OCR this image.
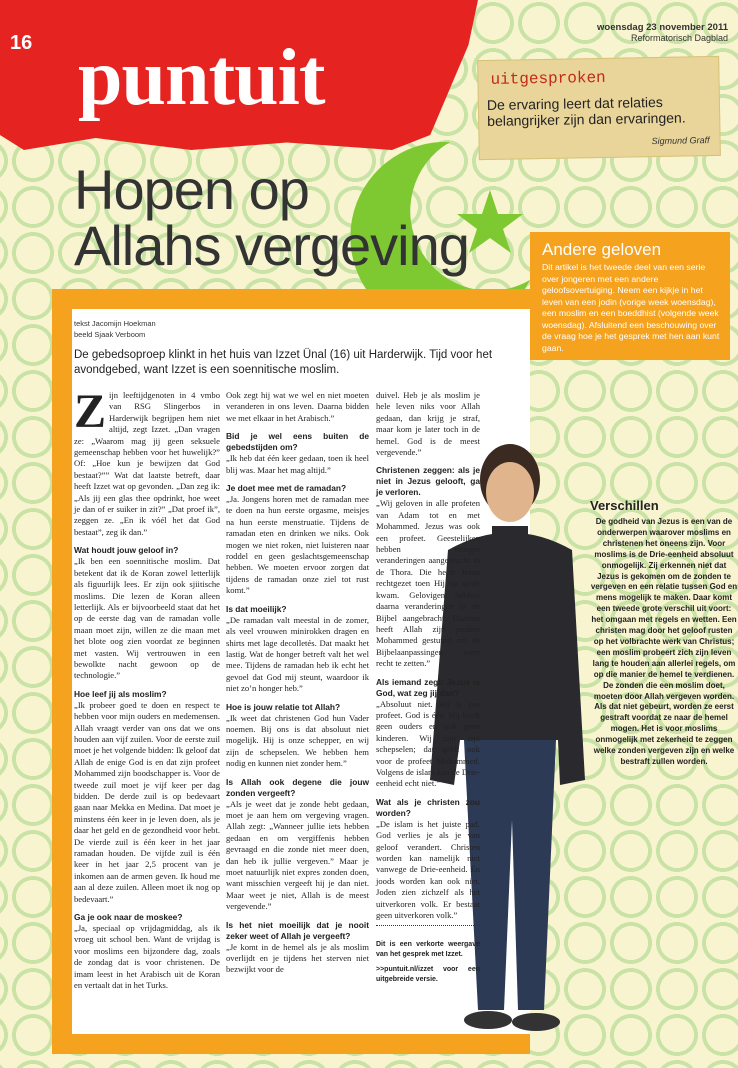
16 puntuit
woensdag 23 november 2011
Reformatorisch Dagblad
uitgesproken
De ervaring leert dat relaties belangrijker zijn dan ervaringen.
Sigmund Graff
Hopen op
Allahs vergeving	Andere geloven
Dit artikel is het tweede deel van een serie over jongeren met een andere geloofsovertuiging. Neem een kijkje in het leven van een jodin (vorige week woensdag), een moslim en een boeddhist (volgende week woensdag). Afsluitend een beschouwing over de vraag hoe je het gesprek met hen aan kunt gaan.
tekst Jacomijn Hoekman
beeld Sjaak Verboom
De gebedsoproep klinkt in het huis van Izzet Ünal (16) uit Harderwijk. Tijd voor het avondgebed, want Izzet is een soennitische moslim.

Zijn leeftijdgenoten in 4 vmbo van RSG Slingerbos in Harderwijk begrijpen hem niet altijd, zegt Izzet. „Dan vragen ze: „Waarom mag jij geen seksuele gemeenschap hebben voor het huwelijk?” Of: „Hoe kun je bewijzen dat God bestaat?”” Wat dat laatste betreft, daar heeft Izzet wat op gevonden. „Dan zeg ik: „Als jij een glas thee opdrinkt, hoe weet je dan of er suiker in zit?” „Dat proef ik”, zeggen ze. „En ik vóél het dat God bestaat”, zeg ik dan.”

Wat houdt jouw geloof in?

„Ik ben een soennitische moslim. Dat betekent dat ik de Koran zowel letterlijk als figuurlijk lees. Er zijn ook sjiitische moslims. Die lezen de Koran alleen letterlijk. Als er bijvoorbeeld staat dat het op de eerste dag van de ramadan volle maan moet zijn, willen ze die maan met het blote oog zien voordat ze beginnen met vasten. Wij vertrouwen in een bewolkte nacht gewoon op de technologie.”

Hoe leef jij als moslim?

„Ik probeer goed te doen en respect te hebben voor mijn ouders en medemensen. Allah vraagt verder van ons dat we ons houden aan vijf zuilen. Voor de eerste zuil moet je het volgende bidden: Ik geloof dat Allah de enige God is en dat zijn profeet Mohammed zijn boodschapper is. Voor de tweede zuil moet je vijf keer per dag bidden. De derde zuil is op bedevaart gaan naar Mekka en Medina. Dat moet je minstens één keer in je leven doen, als je daar het geld en de gezondheid voor hebt. De vierde zuil is één keer in het jaar ramadan houden. De vijfde zuil is één keer in het jaar 2,5 procent van je inkomen aan de armen geven. Ik houd me aan al deze zuilen. Alleen moet ik nog op bedevaart.”

Ga je ook naar de moskee?

„Ja, speciaal op vrijdagmiddag, als ik vroeg uit school ben. Want de vrijdag is voor moslims een bijzondere dag, zoals de zondag dat is voor christenen. De imam leest in het Arabisch uit de Koran en vertaalt dat in het Turks.

Ook zegt hij wat we wel en niet moeten veranderen in ons leven. Daarna bidden we met elkaar in het Arabisch.”

Bid je wel eens buiten de gebedstijden om?

„Ik heb dat één keer gedaan, toen ik heel blij was. Maar het mag altijd.”

Je doet mee met de ramadan?

„Ja. Jongens horen met de ramadan mee te doen na hun eerste orgasme, meisjes na hun eerste menstruatie. Tijdens de ramadan eten en drinken we niks. Ook mogen we niet roken, niet luisteren naar roddel en geen geslachtsgemeenschap hebben. We moeten ervoor zorgen dat tijdens de ramadan onze ziel tot rust komt.”

Is dat moeilijk?

„De ramadan valt meestal in de zomer, als veel vrouwen minirokken dragen en shirts met lage decolletés. Dat maakt het lastig. Wat de honger betreft valt het wel mee. Tijdens de ramadan heb ik echt het gevoel dat God mij steunt, waardoor ik niet zo’n honger heb.”

Hoe is jouw relatie tot Allah?

„Ik weet dat christenen God hun Vader noemen. Bij ons is dat absoluut niet mogelijk. Hij is onze schepper, en wij zijn de schepselen. We hebben hem nodig en kunnen niet zonder hem.”

Is Allah ook degene die jouw zonden vergeeft?

„Als je weet dat je zonde hebt gedaan, moet je aan hem om vergeving vragen. Allah zegt: „Wanneer jullie iets hebben gedaan en om vergiffenis hebben gevraagd en die zonde niet meer doen, dan heb ik jullie vergeven.” Maar je moet natuurlijk niet expres zonden doen, want misschien vergeeft hij je dan niet. Maar weet je niet, Allah is de meest vergevende.”

Is het niet moeilijk dat je nooit zeker weet of Allah je vergeeft?

„Je komt in de hemel als je als moslim overlijdt en je tijdens het sterven niet bezwijkt voor de

duivel. Heb je als moslim je hele leven niks voor Allah gedaan, dan krijg je straf, maar kom je later toch in de hemel. God is de meest vergevende.”

Christenen zeggen: als je niet in Jezus gelooft, ga je verloren.

„Wij geloven in alle profeten van Adam tot en met Mohammed. Jezus was ook een profeet. Geestelijken hebben vroeger veranderingen aangebracht in de Thora. Die heeft Jezus rechtgezet toen Hij op aarde kwam. Gelovigen hebben daarna veranderingen in de Bijbel aangebracht. Daarom heeft Allah zijn profeet Mohammed gestuurd om de Bijbelaanpassingen weer recht te zetten.”

Als iemand zegt: Jezus is God, wat zeg jij dan?

„Absoluut niet. Hij is een profeet. God is één. Hij heeft geen ouders en ook geen kinderen. Wij zijn zijn schepselen; dat geldt ook voor de profeet Mohammed. Volgens de islam kan de Drie-eenheid echt niet.”

Wat als je christen zou worden?

„De islam is het juiste pad. God verlies je als je van geloof verandert. Christen worden kan namelijk niet vanwege de Drie-eenheid. En joods worden kan ook niet. Joden zien zichzelf als het uitverkoren volk. Er bestaat geen uitverkoren volk.”

Dit is een verkorte weergave van het gesprek met Izzet.
>>puntuit.nl/izzet voor een uitgebreide versie.
Verschillen
De godheid van Jezus is een van de onderwerpen waarover moslims en christenen het oneens zijn. Voor moslims is de Drie-eenheid absoluut onmogelijk. Zij erkennen niet dat Jezus is gekomen om de zonden te vergeven en een relatie tussen God en mens mogelijk te maken. Daar komt een tweede grote verschil uit voort: het omgaan met regels en wetten. Een christen mag door het geloof rusten op het volbrachte werk van Christus; een moslim probeert zich zijn leven lang te houden aan allerlei regels, om op die manier de hemel te verdienen. De zonden die een moslim doet, moeten door Allah vergeven worden. Als dat niet gebeurt, worden ze eerst gestraft voordat ze naar de hemel mogen. Het is voor moslims onmogelijk met zekerheid te zeggen welke zonden vergeven zijn en welke bestraft zullen worden.
